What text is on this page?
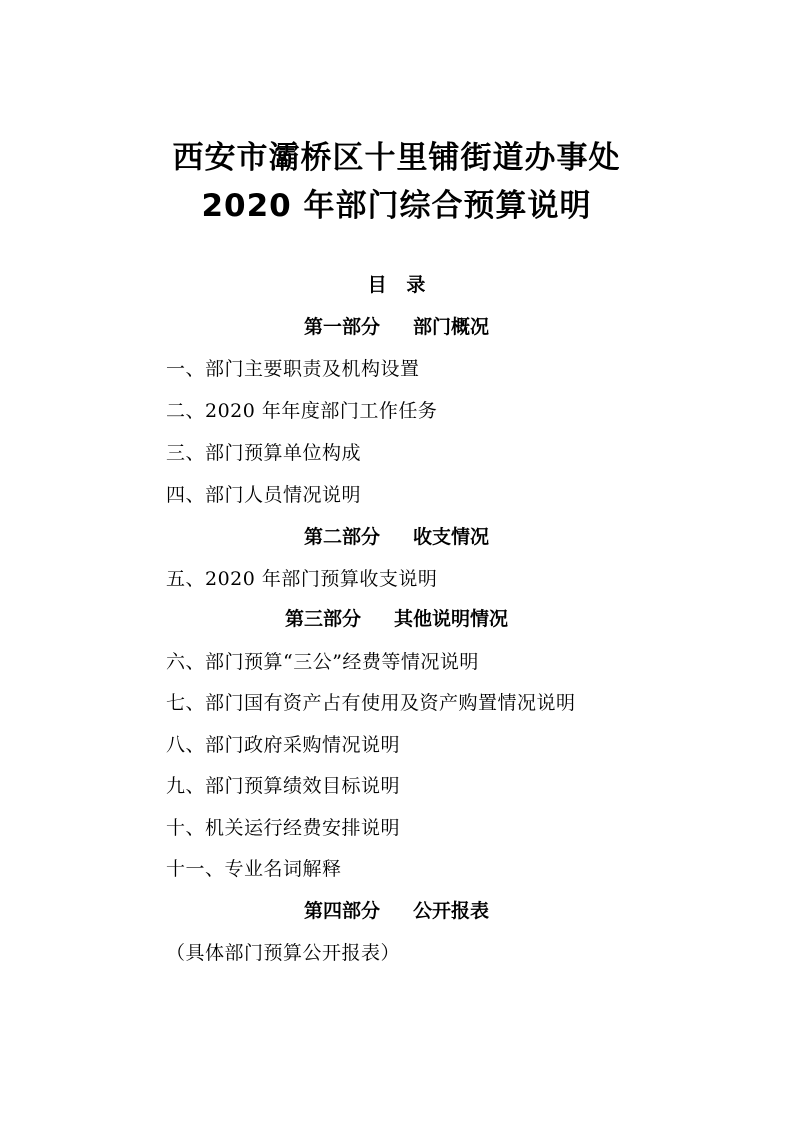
西安市灞桥区十里铺街道办事处
2020 年部门综合预算说明
目   录
第一部分     部门概况
一、部门主要职责及机构设置
二、2020 年年度部门工作任务
三、部门预算单位构成
四、部门人员情况说明
第二部分     收支情况
五、2020 年部门预算收支说明
第三部分     其他说明情况
六、部门预算“三公”经费等情况说明
七、部门国有资产占有使用及资产购置情况说明
八、部门政府采购情况说明
九、部门预算绩效目标说明
十、机关运行经费安排说明
十一、专业名词解释
第四部分     公开报表
（具体部门预算公开报表）
